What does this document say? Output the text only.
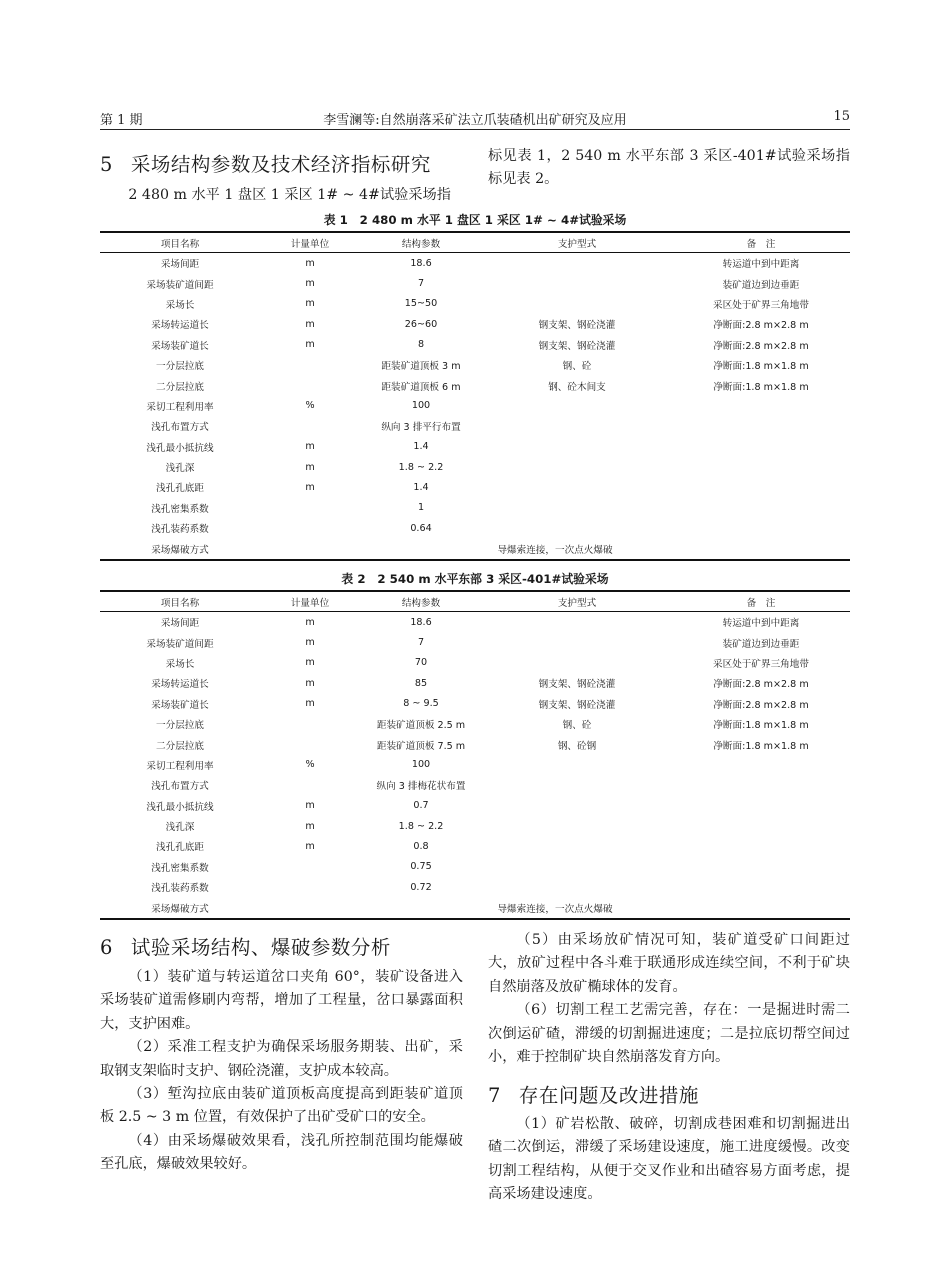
第 1 期	李雪澜等:自然崩落采矿法立爪装碴机出矿研究及应用	15
5 采场结构参数及技术经济指标研究
2 480 m 水平 1 盘区 1 采区 1# ~ 4#试验采场指
标见表 1，2 540 m 水平东部 3 采区-401#试验采场指标见表 2。
表 1　2 480 m 水平 1 盘区 1 采区 1# ~ 4#试验采场
项目名称	计量单位	结构参数	支护型式	备　注
采场间距	m	18.6		转运道中到中距离
采场装矿道间距	m	7		装矿道边到边垂距
采场长	m	15~50		采区处于矿界三角地带
采场转运道长	m	26~60	钢支架、钢砼浇灌	净断面:2.8 m×2.8 m
采场装矿道长	m	8	钢支架、钢砼浇灌	净断面:2.8 m×2.8 m
一分层拉底		距装矿道顶板 3 m	钢、砼	净断面:1.8 m×1.8 m
二分层拉底		距装矿道顶板 6 m	钢、砼木间支	净断面:1.8 m×1.8 m
采切工程利用率	%	100		
浅孔布置方式		纵向 3 排平行布置		
浅孔最小抵抗线	m	1.4		
浅孔深	m	1.8 ~ 2.2		
浅孔孔底距	m	1.4		
浅孔密集系数		1		
浅孔装药系数		0.64		
采场爆破方式	导爆索连接，一次点火爆破			
表 2　2 540 m 水平东部 3 采区-401#试验采场
项目名称	计量单位	结构参数	支护型式	备　注
采场间距	m	18.6		转运道中到中距离
采场装矿道间距	m	7		装矿道边到边垂距
采场长	m	70		采区处于矿界三角地带
采场转运道长	m	85	钢支架、钢砼浇灌	净断面:2.8 m×2.8 m
采场装矿道长	m	8 ~ 9.5	钢支架、钢砼浇灌	净断面:2.8 m×2.8 m
一分层拉底		距装矿道顶板 2.5 m	钢、砼	净断面:1.8 m×1.8 m
二分层拉底		距装矿道顶板 7.5 m	钢、砼钢	净断面:1.8 m×1.8 m
采切工程利用率	%	100		
浅孔布置方式		纵向 3 排梅花状布置		
浅孔最小抵抗线	m	0.7		
浅孔深	m	1.8 ~ 2.2		
浅孔孔底距	m	0.8		
浅孔密集系数		0.75		
浅孔装药系数		0.72		
采场爆破方式	导爆索连接，一次点火爆破			
6 试验采场结构、爆破参数分析

（1）装矿道与转运道岔口夹角 60°，装矿设备进入采场装矿道需修刷内弯帮，增加了工程量，岔口暴露面积大，支护困难。

（2）采准工程支护为确保采场服务期装、出矿，采取钢支架临时支护、钢砼浇灌，支护成本较高。

（3）堑沟拉底由装矿道顶板高度提高到距装矿道顶板 2.5 ~ 3 m 位置，有效保护了出矿受矿口的安全。

（4）由采场爆破效果看，浅孔所控制范围均能爆破至孔底，爆破效果较好。

（5）由采场放矿情况可知，装矿道受矿口间距过大，放矿过程中各斗难于联通形成连续空间，不利于矿块自然崩落及放矿椭球体的发育。

（6）切割工程工艺需完善，存在：一是掘进时需二次倒运矿碴，滞缓的切割掘进速度；二是拉底切帮空间过小，难于控制矿块自然崩落发育方向。

7 存在问题及改进措施

（1）矿岩松散、破碎，切割成巷困难和切割掘进出碴二次倒运，滞缓了采场建设速度，施工进度缓慢。改变切割工程结构，从便于交叉作业和出碴容易方面考虑，提高采场建设速度。
